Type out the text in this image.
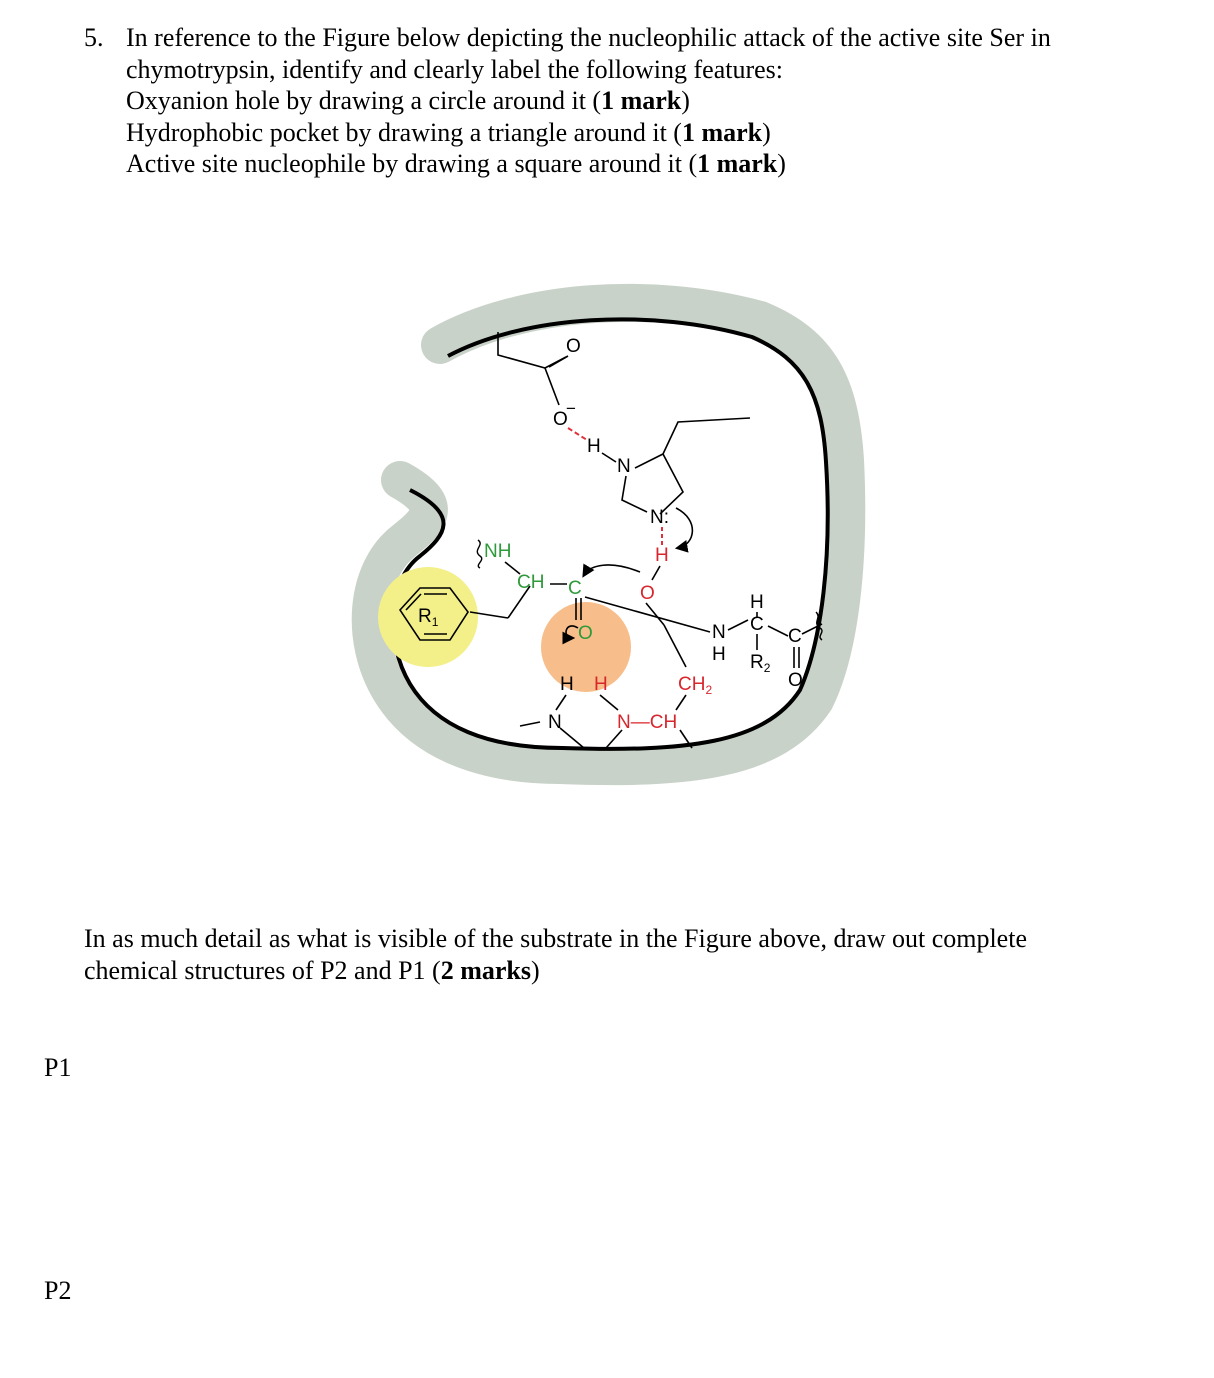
5. In reference to the Figure below depicting the nucleophilic attack of the active site Ser in
chymotrypsin, identify and clearly label the following features:
Oxyanion hole by drawing a circle around it (1 mark)
Hydrophobic pocket by drawing a triangle around it (1 mark)
Active site nucleophile by drawing a square around it (1 mark)
O
O
−
H
N
N:
H
O
NH
CH C
O
$R_1$	N
H
H
C
$R_2$
C
O
H H
N	N—CH
$CH_2$
In as much detail as what is visible of the substrate in the Figure above, draw out complete
chemical structures of P2 and P1 (2 marks)
P1
P2
